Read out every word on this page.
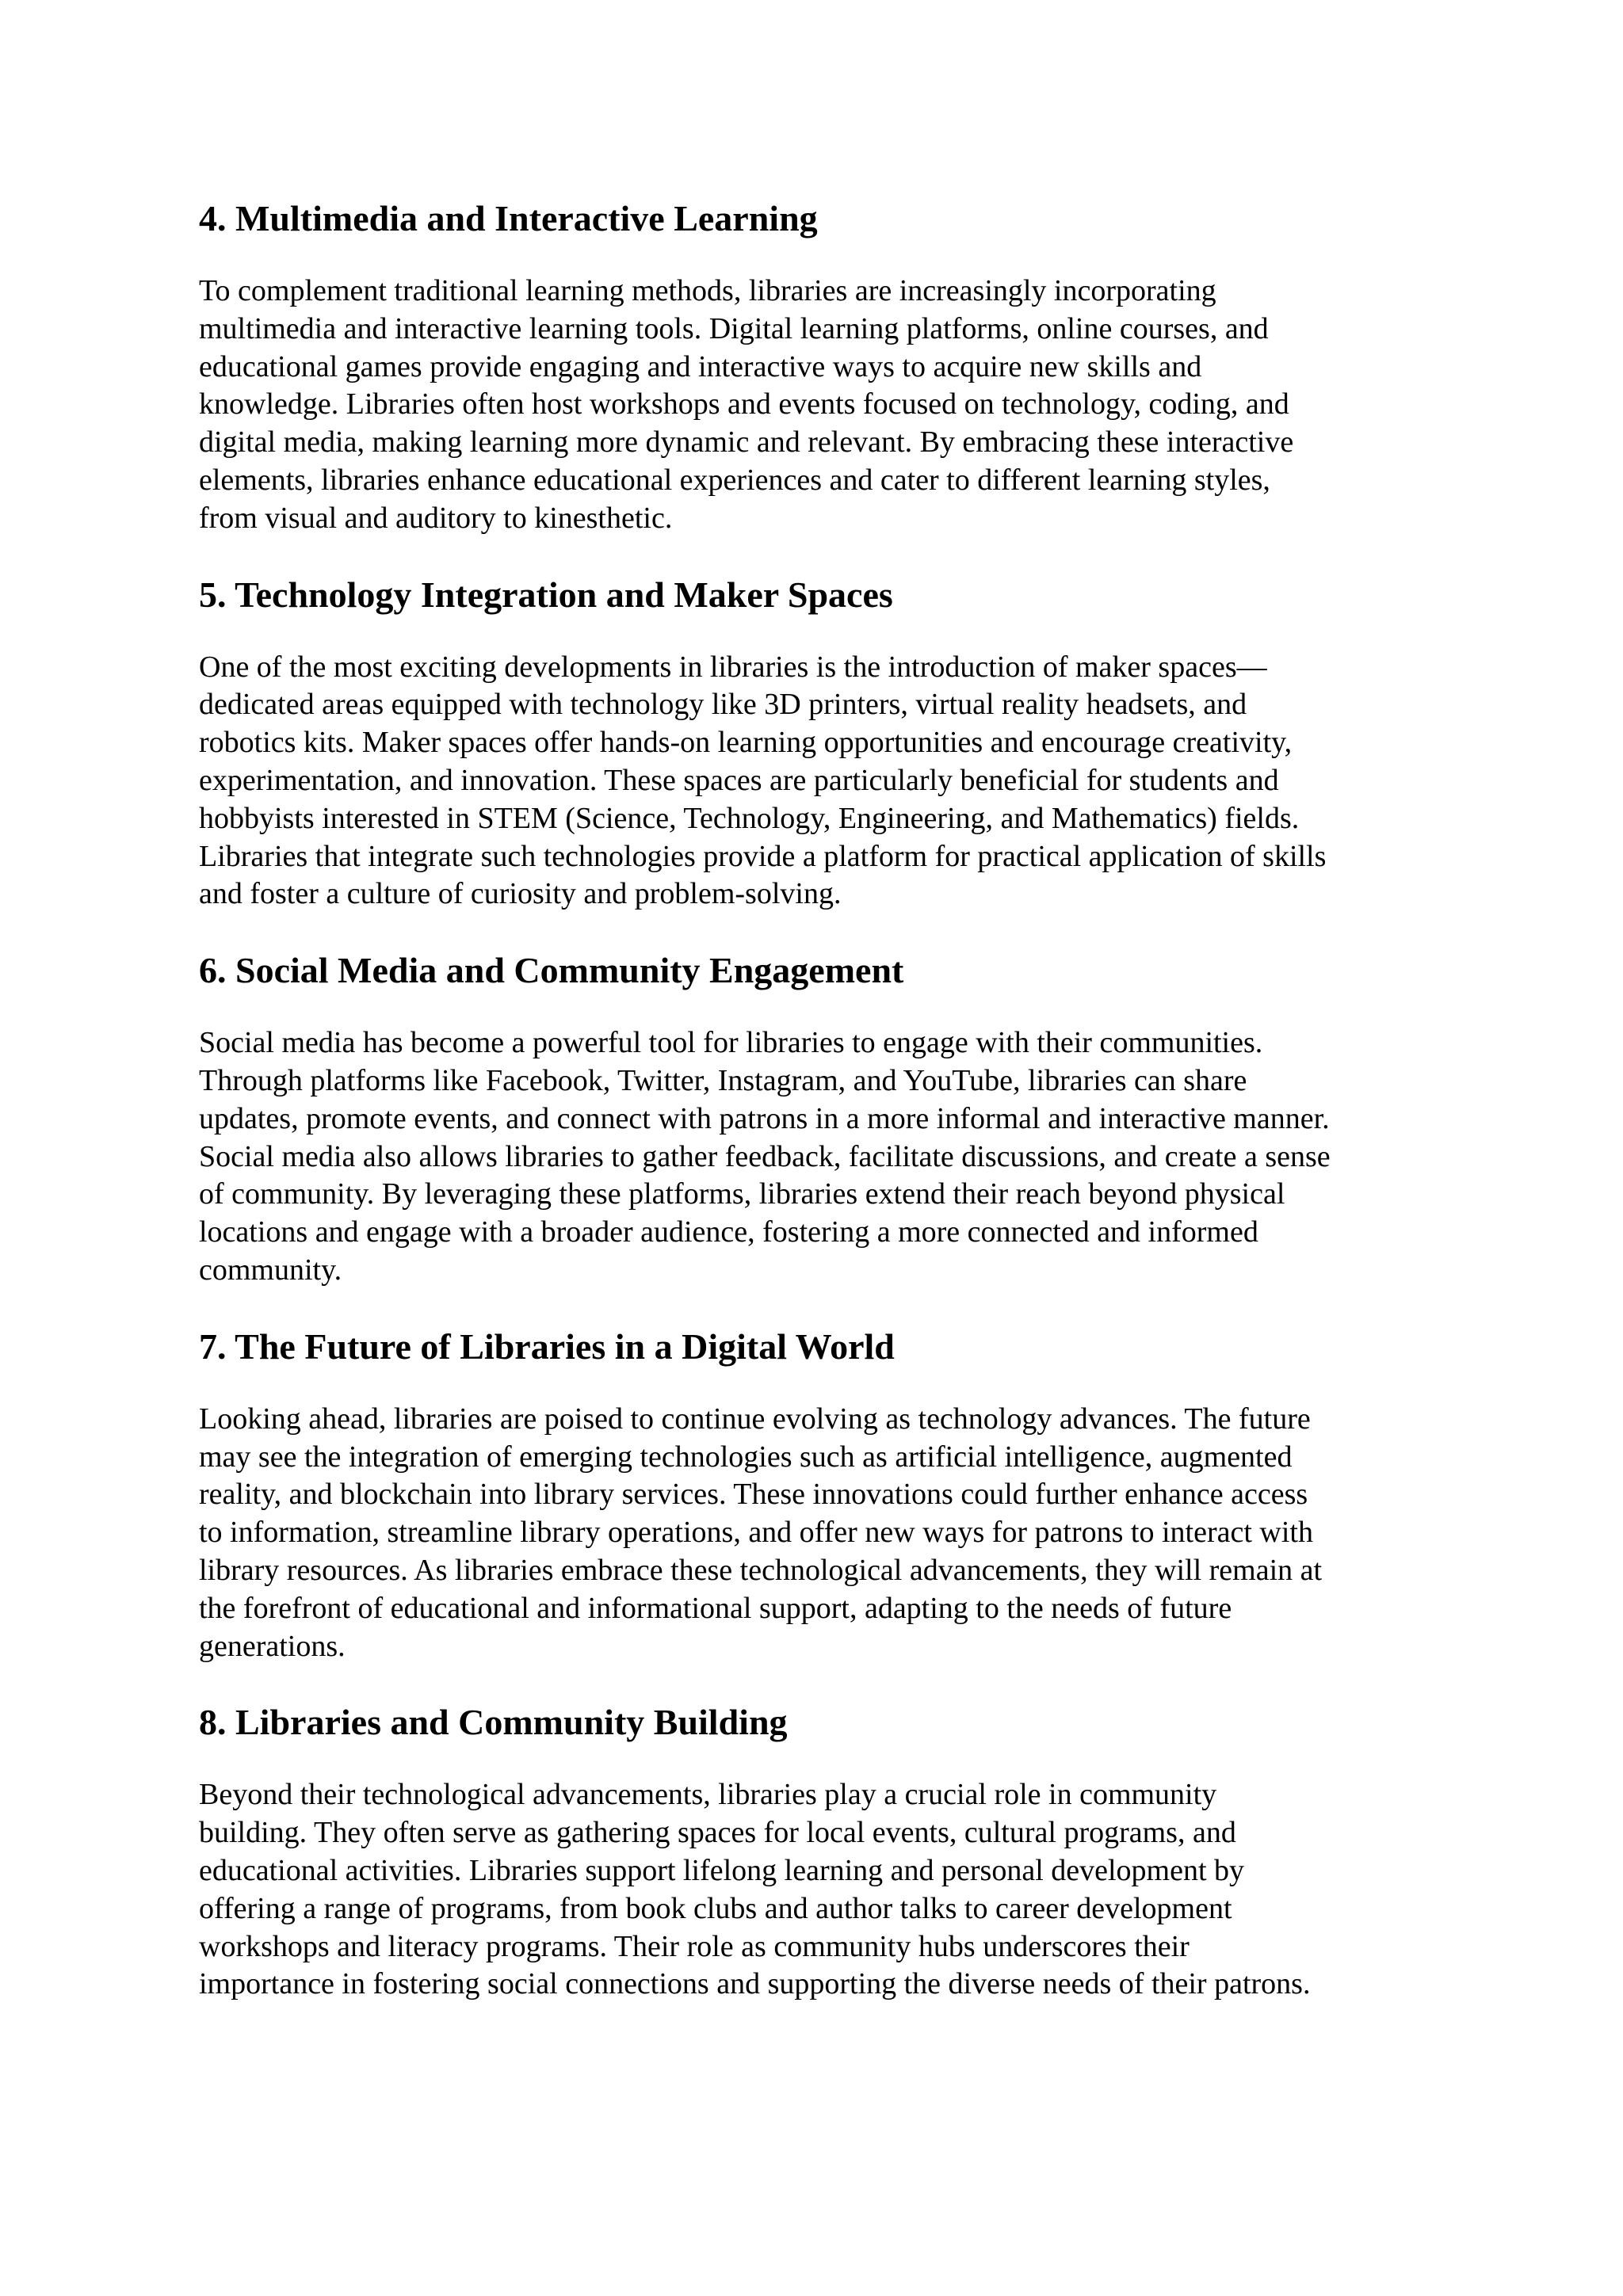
4. Multimedia and Interactive Learning

To complement traditional learning methods, libraries are increasingly incorporating
multimedia and interactive learning tools. Digital learning platforms, online courses, and
educational games provide engaging and interactive ways to acquire new skills and
knowledge. Libraries often host workshops and events focused on technology, coding, and
digital media, making learning more dynamic and relevant. By embracing these interactive
elements, libraries enhance educational experiences and cater to different learning styles,
from visual and auditory to kinesthetic.

5. Technology Integration and Maker Spaces

One of the most exciting developments in libraries is the introduction of maker spaces—
dedicated areas equipped with technology like 3D printers, virtual reality headsets, and
robotics kits. Maker spaces offer hands-on learning opportunities and encourage creativity,
experimentation, and innovation. These spaces are particularly beneficial for students and
hobbyists interested in STEM (Science, Technology, Engineering, and Mathematics) fields.
Libraries that integrate such technologies provide a platform for practical application of skills
and foster a culture of curiosity and problem-solving.

6. Social Media and Community Engagement

Social media has become a powerful tool for libraries to engage with their communities.
Through platforms like Facebook, Twitter, Instagram, and YouTube, libraries can share
updates, promote events, and connect with patrons in a more informal and interactive manner.
Social media also allows libraries to gather feedback, facilitate discussions, and create a sense
of community. By leveraging these platforms, libraries extend their reach beyond physical
locations and engage with a broader audience, fostering a more connected and informed
community.

7. The Future of Libraries in a Digital World

Looking ahead, libraries are poised to continue evolving as technology advances. The future
may see the integration of emerging technologies such as artificial intelligence, augmented
reality, and blockchain into library services. These innovations could further enhance access
to information, streamline library operations, and offer new ways for patrons to interact with
library resources. As libraries embrace these technological advancements, they will remain at
the forefront of educational and informational support, adapting to the needs of future
generations.

8. Libraries and Community Building

Beyond their technological advancements, libraries play a crucial role in community
building. They often serve as gathering spaces for local events, cultural programs, and
educational activities. Libraries support lifelong learning and personal development by
offering a range of programs, from book clubs and author talks to career development
workshops and literacy programs. Their role as community hubs underscores their
importance in fostering social connections and supporting the diverse needs of their patrons.
